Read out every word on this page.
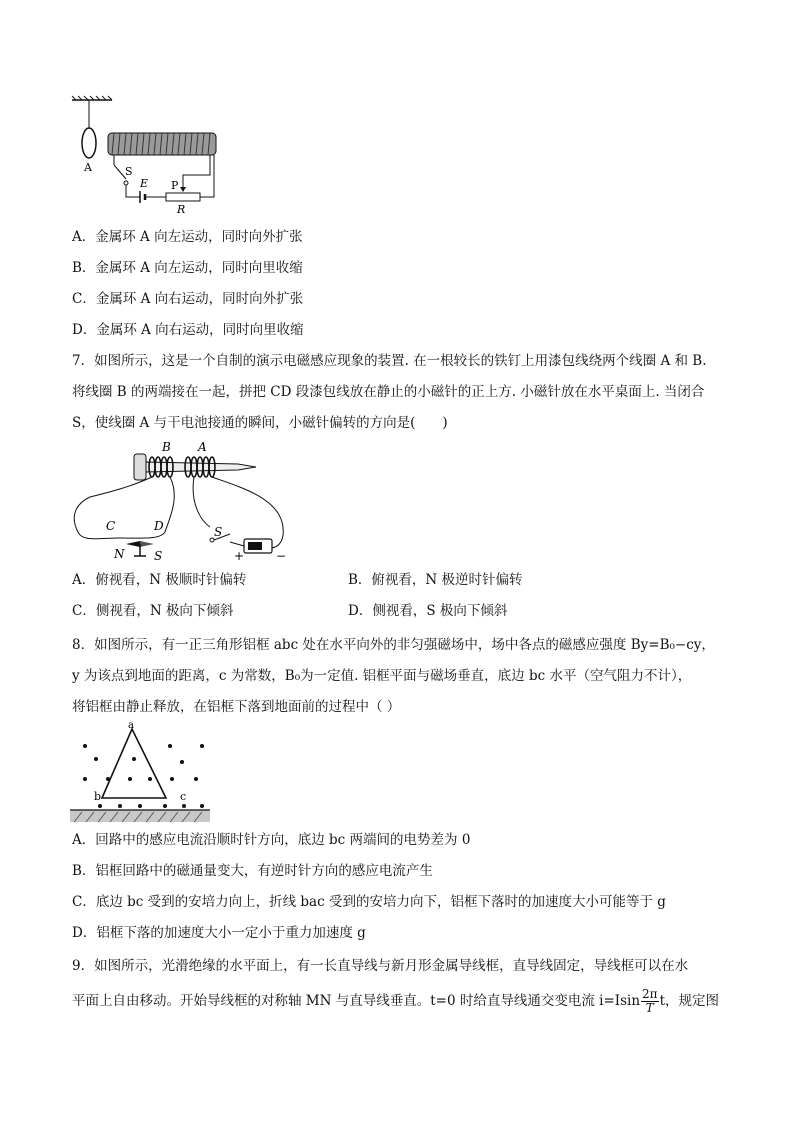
A	S
E P
R
A．金属环 A 向左运动，同时向外扩张
B．金属环 A 向左运动，同时向里收缩
C．金属环 A 向右运动，同时向外扩张
D．金属环 A 向右运动，同时向里收缩
7．如图所示，这是一个自制的演示电磁感应现象的装置. 在一根较长的铁钉上用漆包线绕两个线圈 A 和 B.
将线圈 B 的两端接在一起，拼把 CD 段漆包线放在静止的小磁针的正上方. 小磁针放在水平桌面上. 当闭合
S，使线圈 A 与干电池接通的瞬间，小磁针偏转的方向是(　　)
B A
C	D
N S
S
+	−
A．俯视看，N 极顺时针偏转	B．俯视看，N 极逆时针偏转
C．侧视看，N 极向下倾斜	D．侧视看，S 极向下倾斜
8．如图所示，有一正三角形铝框 abc 处在水平向外的非匀强磁场中，场中各点的磁感应强度 By=B₀−cy，
y 为该点到地面的距离，c 为常数，B₀为一定值. 铝框平面与磁场垂直，底边 bc 水平（空气阻力不计），
将铝框由静止释放，在铝框下落到地面前的过程中（ ）
a
b	c
A．回路中的感应电流沿顺时针方向，底边 bc 两端间的电势差为 0
B．铝框回路中的磁通量变大，有逆时针方向的感应电流产生
C．底边 bc 受到的安培力向上，折线 bac 受到的安培力向下，铝框下落时的加速度大小可能等于 g
D．铝框下落的加速度大小一定小于重力加速度 g
9．如图所示，光滑绝缘的水平面上，有一长直导线与新月形金属导线框，直导线固定，导线框可以在水
平面上自由移动。开始导线框的对称轴 MN 与直导线垂直。t=0 时给直导线通交变电流 $i=Isin \frac{2\pi}{T}$ t，规定图
